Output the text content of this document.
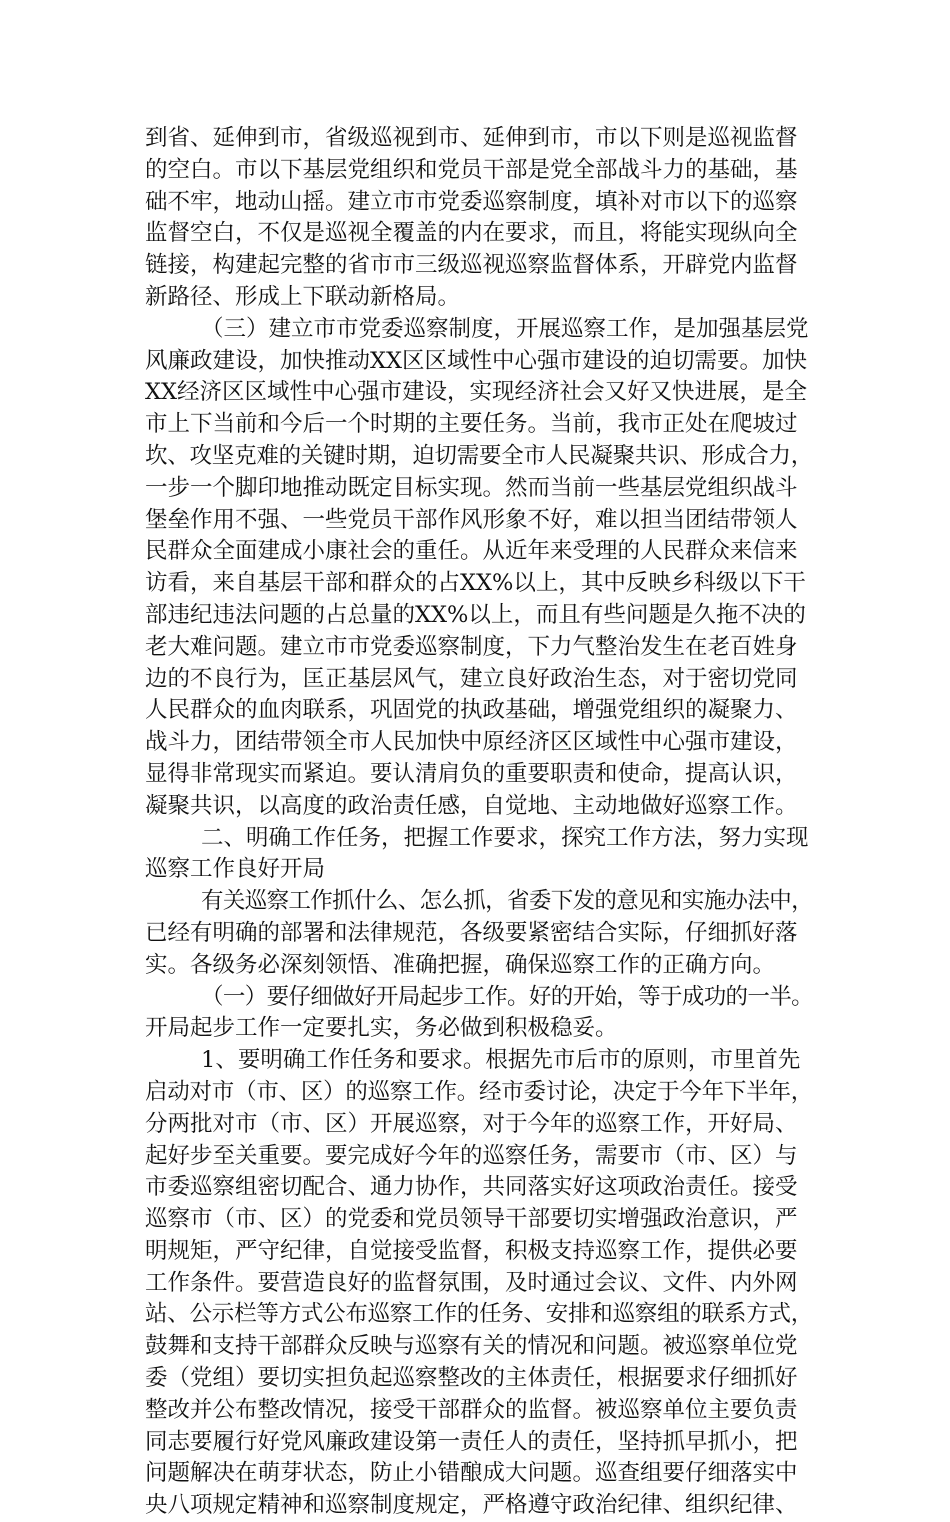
到省、延伸到市，省级巡视到市、延伸到市，市以下则是巡视监督
的空白。市以下基层党组织和党员干部是党全部战斗力的基础，基
础不牢，地动山摇。建立市市党委巡察制度，填补对市以下的巡察
监督空白，不仅是巡视全覆盖的内在要求，而且，将能实现纵向全
链接，构建起完整的省市市三级巡视巡察监督体系，开辟党内监督
新路径、形成上下联动新格局。
（三）建立市市党委巡察制度，开展巡察工作，是加强基层党
风廉政建设，加快推动XX区区域性中心强市建设的迫切需要。加快
XX经济区区域性中心强市建设，实现经济社会又好又快进展，是全
市上下当前和今后一个时期的主要任务。当前，我市正处在爬坡过
坎、攻坚克难的关键时期，迫切需要全市人民凝聚共识、形成合力，
一步一个脚印地推动既定目标实现。然而当前一些基层党组织战斗
堡垒作用不强、一些党员干部作风形象不好，难以担当团结带领人
民群众全面建成小康社会的重任。从近年来受理的人民群众来信来
访看，来自基层干部和群众的占XX%以上，其中反映乡科级以下干
部违纪违法问题的占总量的XX%以上，而且有些问题是久拖不决的
老大难问题。建立市市党委巡察制度，下力气整治发生在老百姓身
边的不良行为，匡正基层风气，建立良好政治生态，对于密切党同
人民群众的血肉联系，巩固党的执政基础，增强党组织的凝聚力、
战斗力，团结带领全市人民加快中原经济区区域性中心强市建设，
显得非常现实而紧迫。要认清肩负的重要职责和使命，提高认识，
凝聚共识，以高度的政治责任感，自觉地、主动地做好巡察工作。
二、明确工作任务，把握工作要求，探究工作方法，努力实现
巡察工作良好开局
有关巡察工作抓什么、怎么抓，省委下发的意见和实施办法中，
已经有明确的部署和法律规范，各级要紧密结合实际，仔细抓好落
实。各级务必深刻领悟、准确把握，确保巡察工作的正确方向。
（一）要仔细做好开局起步工作。好的开始，等于成功的一半。
开局起步工作一定要扎实，务必做到积极稳妥。
1、要明确工作任务和要求。根据先市后市的原则，市里首先
启动对市（市、区）的巡察工作。经市委讨论，决定于今年下半年，
分两批对市（市、区）开展巡察，对于今年的巡察工作，开好局、
起好步至关重要。要完成好今年的巡察任务，需要市（市、区）与
市委巡察组密切配合、通力协作，共同落实好这项政治责任。接受
巡察市（市、区）的党委和党员领导干部要切实增强政治意识，严
明规矩，严守纪律，自觉接受监督，积极支持巡察工作，提供必要
工作条件。要营造良好的监督氛围，及时通过会议、文件、内外网
站、公示栏等方式公布巡察工作的任务、安排和巡察组的联系方式，
鼓舞和支持干部群众反映与巡察有关的情况和问题。被巡察单位党
委（党组）要切实担负起巡察整改的主体责任，根据要求仔细抓好
整改并公布整改情况，接受干部群众的监督。被巡察单位主要负责
同志要履行好党风廉政建设第一责任人的责任，坚持抓早抓小，把
问题解决在萌芽状态，防止小错酿成大问题。巡查组要仔细落实中
央八项规定精神和巡察制度规定，严格遵守政治纪律、组织纪律、
